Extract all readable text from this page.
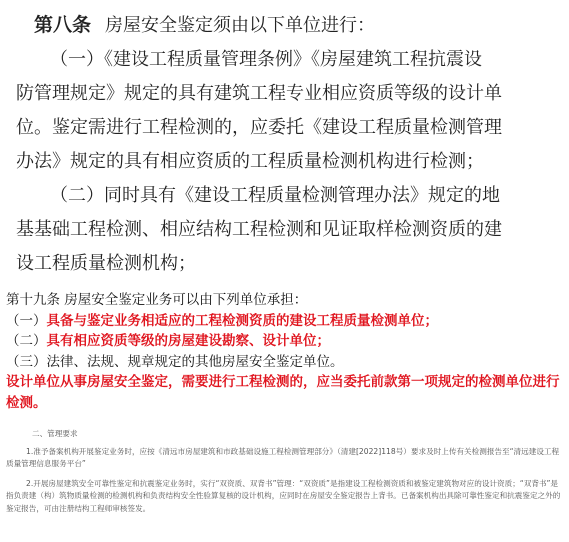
第八条 房屋安全鉴定须由以下单位进行：

（一）《建设工程质量管理条例》《房屋建筑工程抗震设

防管理规定》规定的具有建筑工程专业相应资质等级的设计单

位。鉴定需进行工程检测的，应委托《建设工程质量检测管理

办法》规定的具有相应资质的工程质量检测机构进行检测；

（二）同时具有《建设工程质量检测管理办法》规定的地

基基础工程检测、相应结构工程检测和见证取样检测资质的建

设工程质量检测机构；

第十九条 房屋安全鉴定业务可以由下列单位承担：

（一）具备与鉴定业务相适应的工程检测资质的建设工程质量检测单位；

（二）具有相应资质等级的房屋建设勘察、设计单位；

（三）法律、法规、规章规定的其他房屋安全鉴定单位。

设计单位从事房屋安全鉴定，需要进行工程检测的，应当委托前款第一项规定的检测单位进行检测。

二、管理要求

1.准予备案机构开展鉴定业务时，应按《清远市房屋建筑和市政基础设施工程检测管理部分》（清建[2022]118号）要求及时上传有关检测报告至“清远建设工程质量管理信息服务平台”

2.开展房屋建筑安全可靠性鉴定和抗震鉴定业务时，实行“双资质、双背书”管理：“双资质”是指建设工程检测资质和被鉴定建筑物对应的设计资质；“双背书”是指负责建（构）筑物质量检测的检测机构和负责结构安全性验算复核的设计机构，应同时在房屋安全鉴定报告上背书。已备案机构出具除可靠性鉴定和抗震鉴定之外的鉴定报告，可由注册结构工程师审核签发。
